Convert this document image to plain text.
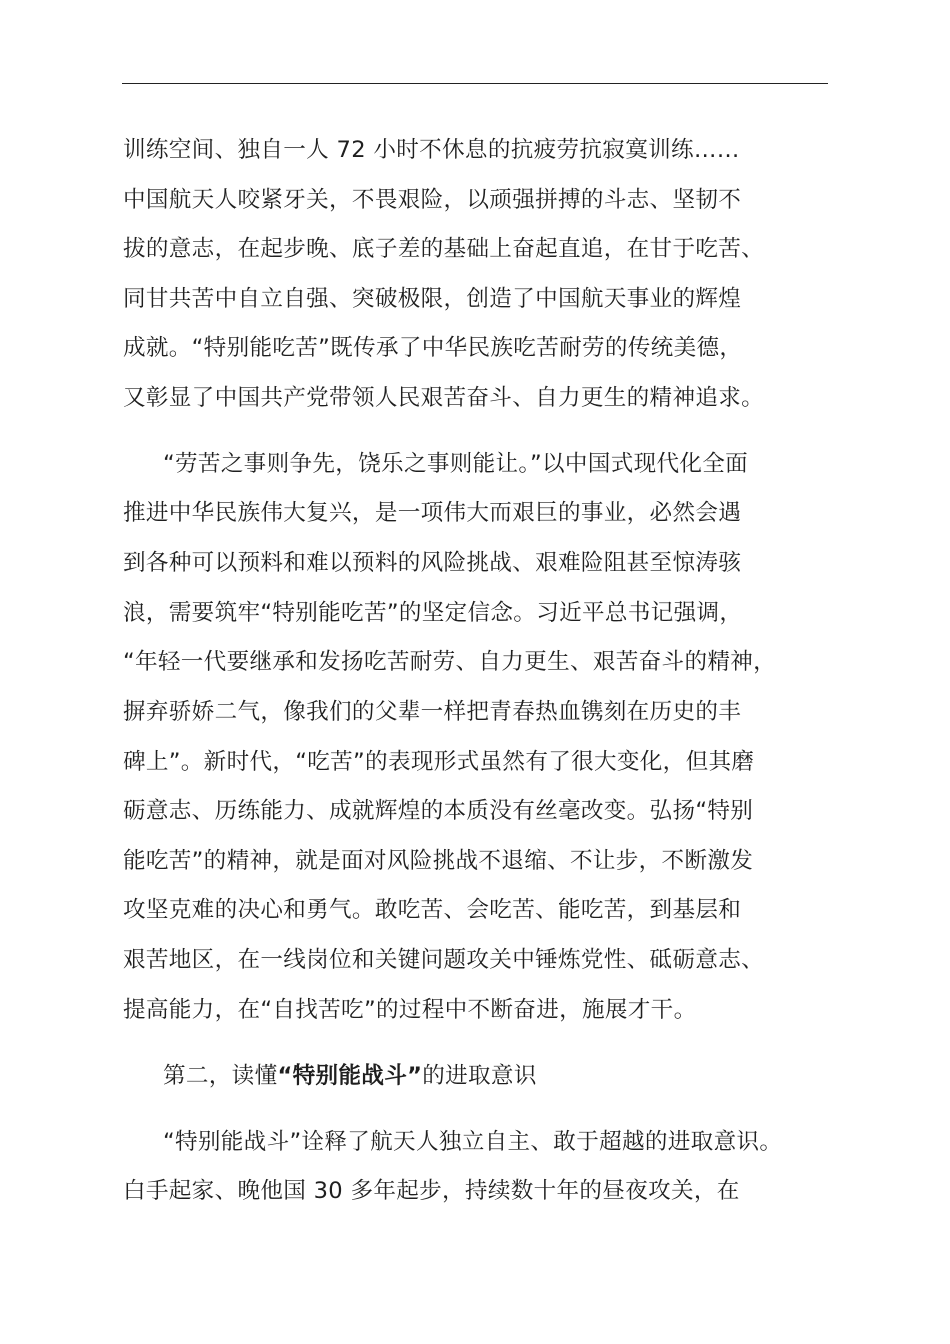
训练空间、独自一人 72 小时不休息的抗疲劳抗寂寞训练……
中国航天人咬紧牙关，不畏艰险，以顽强拼搏的斗志、坚韧不
拔的意志，在起步晚、底子差的基础上奋起直追，在甘于吃苦、
同甘共苦中自立自强、突破极限，创造了中国航天事业的辉煌
成就。“特别能吃苦”既传承了中华民族吃苦耐劳的传统美德，
又彰显了中国共产党带领人民艰苦奋斗、自力更生的精神追求。
“劳苦之事则争先，饶乐之事则能让。”以中国式现代化全面
推进中华民族伟大复兴，是一项伟大而艰巨的事业，必然会遇
到各种可以预料和难以预料的风险挑战、艰难险阻甚至惊涛骇
浪，需要筑牢“特别能吃苦”的坚定信念。习近平总书记强调，
“年轻一代要继承和发扬吃苦耐劳、自力更生、艰苦奋斗的精神，
摒弃骄娇二气，像我们的父辈一样把青春热血镌刻在历史的丰
碑上”。新时代，“吃苦”的表现形式虽然有了很大变化，但其磨
砺意志、历练能力、成就辉煌的本质没有丝毫改变。弘扬“特别
能吃苦”的精神，就是面对风险挑战不退缩、不让步，不断激发
攻坚克难的决心和勇气。敢吃苦、会吃苦、能吃苦，到基层和
艰苦地区，在一线岗位和关键问题攻关中锤炼党性、砥砺意志、
提高能力，在“自找苦吃”的过程中不断奋进，施展才干。
第二，读懂“特别能战斗”的进取意识
“特别能战斗”诠释了航天人独立自主、敢于超越的进取意识。
白手起家、晚他国 30 多年起步，持续数十年的昼夜攻关，在
